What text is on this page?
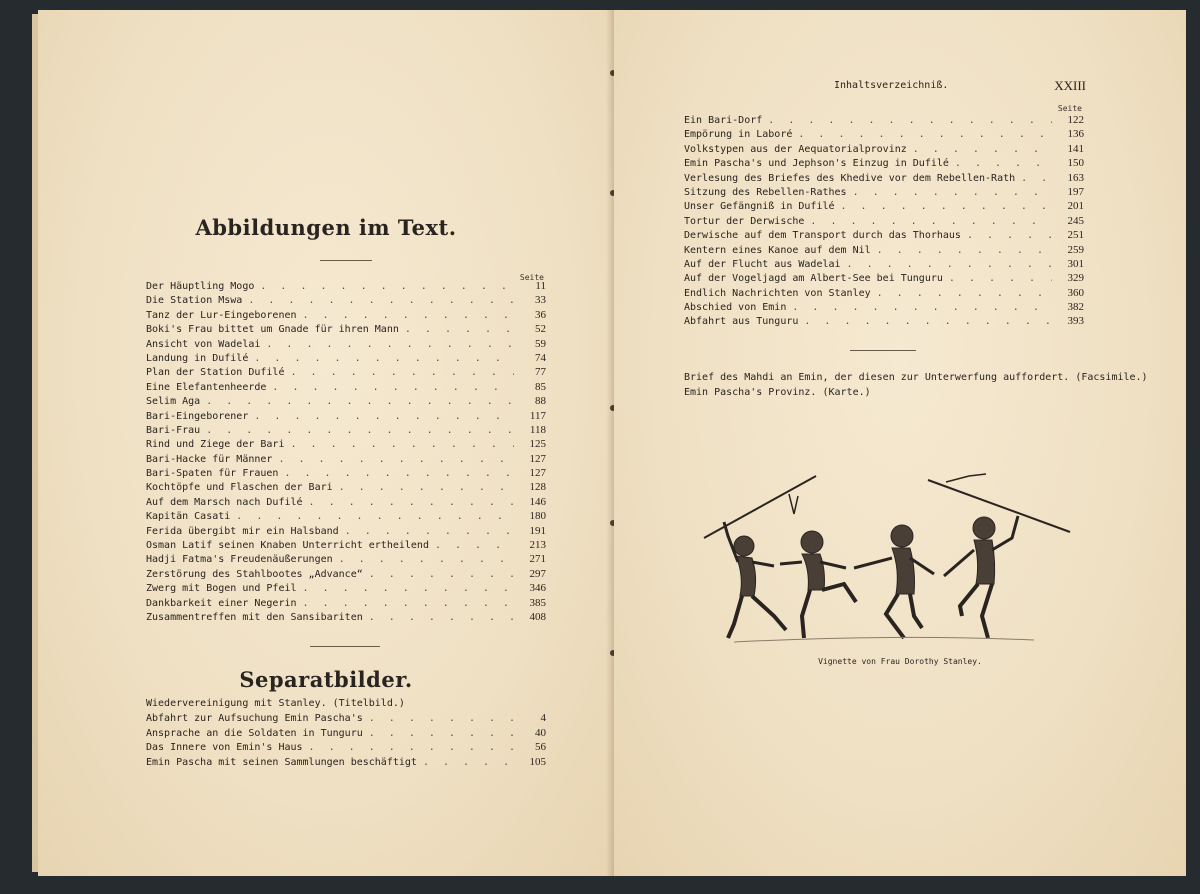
Abbildungen im Text.
Seite
Der Häuptling Mogo . . .	11
Die Station Mswa . . .	33
Tanz der Lur-Eingeborenen . . .	36
Boki's Frau bittet um Gnade für ihren Mann . . .	52
Ansicht von Wadelai . . .	59
Landung in Dufilé . . .	74
Plan der Station Dufilé . . .	77
Eine Elefantenheerde . . .	85
Selim Aga . . .	88
Bari-Eingeborener . . .	117
Bari-Frau . . .	118
Rind und Ziege der Bari . . .	125
Bari-Hacke für Männer . . .	127
Bari-Spaten für Frauen . . .	127
Kochtöpfe und Flaschen der Bari . . .	128
Auf dem Marsch nach Dufilé . . .	146
Kapitän Casati . . .	180
Ferida übergibt mir ein Halsband . . .	191
Osman Latif seinen Knaben Unterricht ertheilend . . .	213
Hadji Fatma's Freudenäußerungen . . .	271
Zerstörung des Stahlbootes „Advance“ . . .	297
Zwerg mit Bogen und Pfeil . . .	346
Dankbarkeit einer Negerin . . .	385
Zusammentreffen mit den Sansibariten . . .	408
Separatbilder.
Wiedervereinigung mit Stanley. (Titelbild.)
Abfahrt zur Aufsuchung Emin Pascha's . . .	4
Ansprache an die Soldaten in Tunguru . . .	40
Das Innere von Emin's Haus . . .	56
Emin Pascha mit seinen Sammlungen beschäftigt . . .	105
Inhaltsverzeichniß.	XXIII
Seite
Ein Bari-Dorf . . .	122
Empörung in Laboré . . .	136
Volkstypen aus der Aequatorialprovinz . . .	141
Emin Pascha's und Jephson's Einzug in Dufilé . . .	150
Verlesung des Briefes des Khedive vor dem Rebellen-Rath . . .	163
Sitzung des Rebellen-Rathes . . .	197
Unser Gefängniß in Dufilé . . .	201
Tortur der Derwische . . .	245
Derwische auf dem Transport durch das Thorhaus . . .	251
Kentern eines Kanoe auf dem Nil . . .	259
Auf der Flucht aus Wadelai . . .	301
Auf der Vogeljagd am Albert-See bei Tunguru . . .	329
Endlich Nachrichten von Stanley . . .	360
Abschied von Emin . . .	382
Abfahrt aus Tunguru . . .	393
Brief des Mahdi an Emin, der diesen zur Unterwerfung auffordert. (Facsimile.)
Emin Pascha's Provinz. (Karte.)
Vignette von Frau Dorothy Stanley.
